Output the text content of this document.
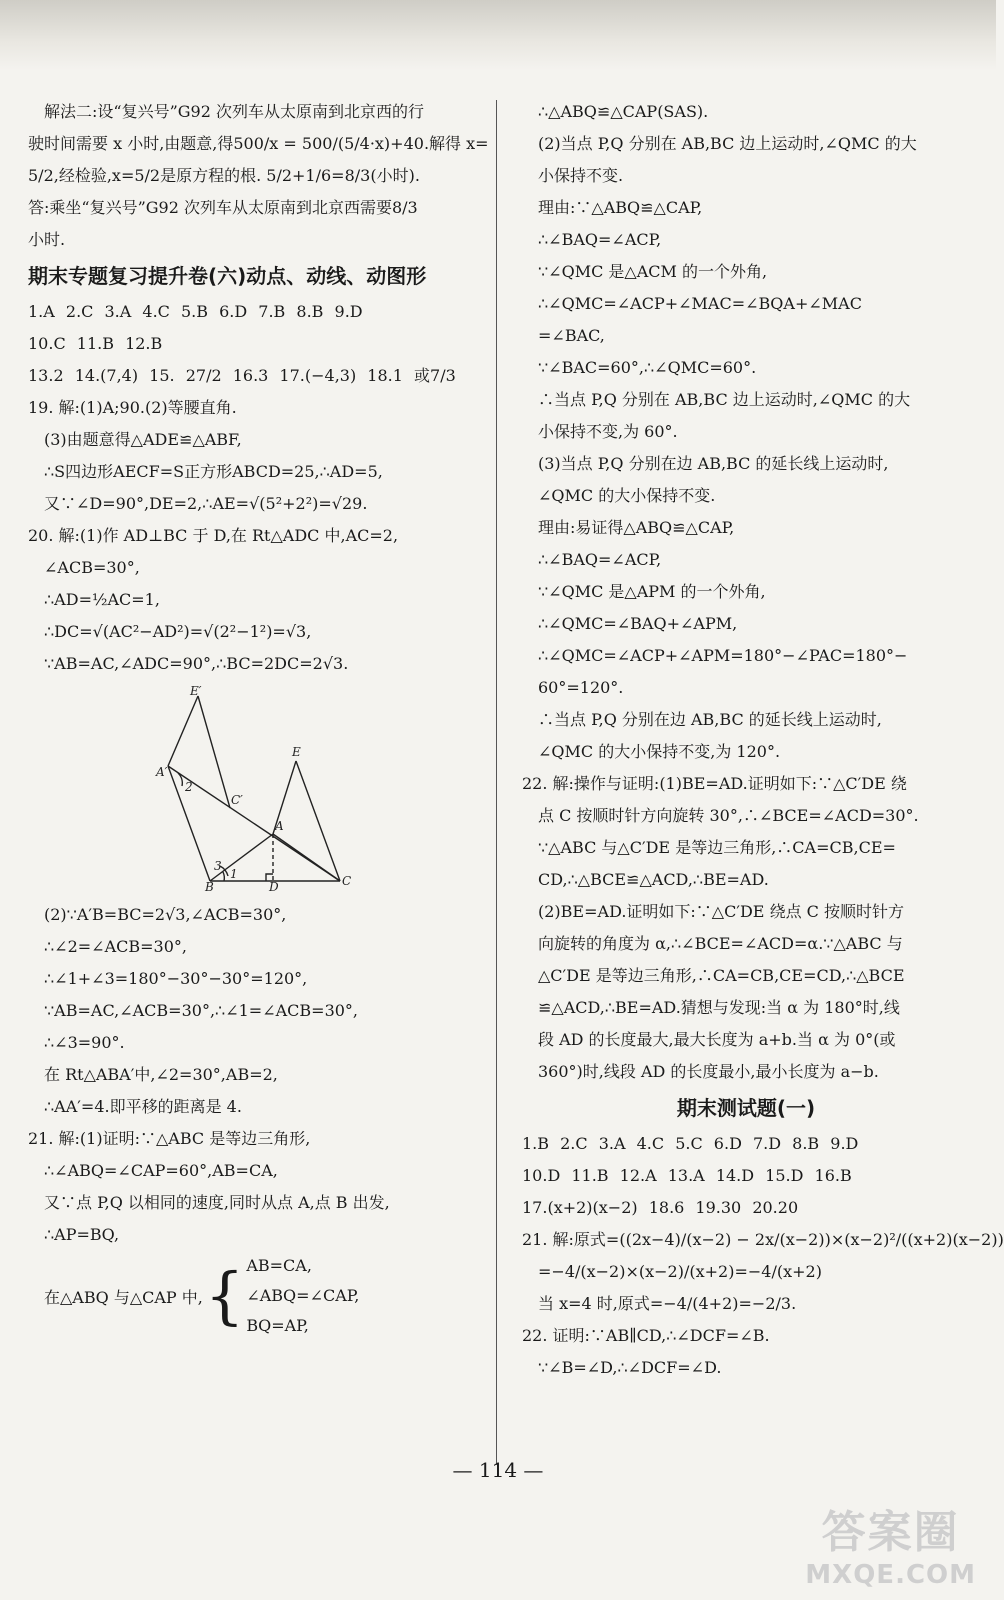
解法二:设“复兴号”G92 次列车从太原南到北京西的行
驶时间需要 x 小时,由题意,得500/x = 500/(5/4·x)+40.解得 x=
5/2,经检验,x=5/2是原方程的根. 5/2+1/6=8/3(小时).
答:乘坐“复兴号”G92 次列车从太原南到北京西需要8/3
小时.
期末专题复习提升卷(六)动点、动线、动图形
1.A 2.C 3.A 4.C 5.B 6.D 7.B 8.B 9.D
10.C 11.B 12.B
13.2 14.(7,4) 15. 27/2 16.3 17.(−4,3) 18.1 或7/3
19. 解:(1)A;90.(2)等腰直角.
(3)由题意得△ADE≌△ABF,
∴S四边形AECF=S正方形ABCD=25,∴AD=5,
又∵∠D=90°,DE=2,∴AE=√(5²+2²)=√29.
20. 解:(1)作 AD⊥BC 于 D,在 Rt△ADC 中,AC=2,
∠ACB=30°,
∴AD=½AC=1,
∴DC=√(AC²−AD²)=√(2²−1²)=√3,
∵AB=AC,∠ADC=90°,∴BC=2DC=2√3.
E′
E
A′
C′
A
2
3
1
B	D	C
(2)∵A′B=BC=2√3,∠ACB=30°,
∴∠2=∠ACB=30°,
∴∠1+∠3=180°−30°−30°=120°,
∵AB=AC,∠ACB=30°,∴∠1=∠ACB=30°,
∴∠3=90°.
在 Rt△ABA′中,∠2=30°,AB=2,
∴AA′=4.即平移的距离是 4.
21. 解:(1)证明:∵△ABC 是等边三角形,
∴∠ABQ=∠CAP=60°,AB=CA,
又∵点 P,Q 以相同的速度,同时从点 A,点 B 出发,
∴AP=BQ,
在△ABQ 与△CAP 中, { AB=CA,
∠ABQ=∠CAP,
BQ=AP,
∴△ABQ≌△CAP(SAS).
(2)当点 P,Q 分别在 AB,BC 边上运动时,∠QMC 的大
小保持不变.
理由:∵△ABQ≌△CAP,
∴∠BAQ=∠ACP,
∵∠QMC 是△ACM 的一个外角,
∴∠QMC=∠ACP+∠MAC=∠BQA+∠MAC
=∠BAC,
∵∠BAC=60°,∴∠QMC=60°.
∴当点 P,Q 分别在 AB,BC 边上运动时,∠QMC 的大
小保持不变,为 60°.
(3)当点 P,Q 分别在边 AB,BC 的延长线上运动时,
∠QMC 的大小保持不变.
理由:易证得△ABQ≌△CAP,
∴∠BAQ=∠ACP,
∵∠QMC 是△APM 的一个外角,
∴∠QMC=∠BAQ+∠APM,
∴∠QMC=∠ACP+∠APM=180°−∠PAC=180°−
60°=120°.
∴当点 P,Q 分别在边 AB,BC 的延长线上运动时,
∠QMC 的大小保持不变,为 120°.
22. 解:操作与证明:(1)BE=AD.证明如下:∵△C′DE 绕
点 C 按顺时针方向旋转 30°,∴∠BCE=∠ACD=30°.
∵△ABC 与△C′DE 是等边三角形,∴CA=CB,CE=
CD,∴△BCE≌△ACD,∴BE=AD.
(2)BE=AD.证明如下:∵△C′DE 绕点 C 按顺时针方
向旋转的角度为 α,∴∠BCE=∠ACD=α.∵△ABC 与
△C′DE 是等边三角形,∴CA=CB,CE=CD,∴△BCE
≌△ACD,∴BE=AD.猜想与发现:当 α 为 180°时,线
段 AD 的长度最大,最大长度为 a+b.当 α 为 0°(或
360°)时,线段 AD 的长度最小,最小长度为 a−b.
期末测试题(一)
1.B 2.C 3.A 4.C 5.C 6.D 7.D 8.B 9.D
10.D 11.B 12.A 13.A 14.D 15.D 16.B
17.(x+2)(x−2) 18.6 19.30 20.20
21. 解:原式=((2x−4)/(x−2) − 2x/(x−2))×(x−2)²/((x+2)(x−2))
=−4/(x−2)×(x−2)/(x+2)=−4/(x+2)
当 x=4 时,原式=−4/(4+2)=−2/3.
22. 证明:∵AB∥CD,∴∠DCF=∠B.
∵∠B=∠D,∴∠DCF=∠D.
— 114 —
答案圈
MXQE.COM
